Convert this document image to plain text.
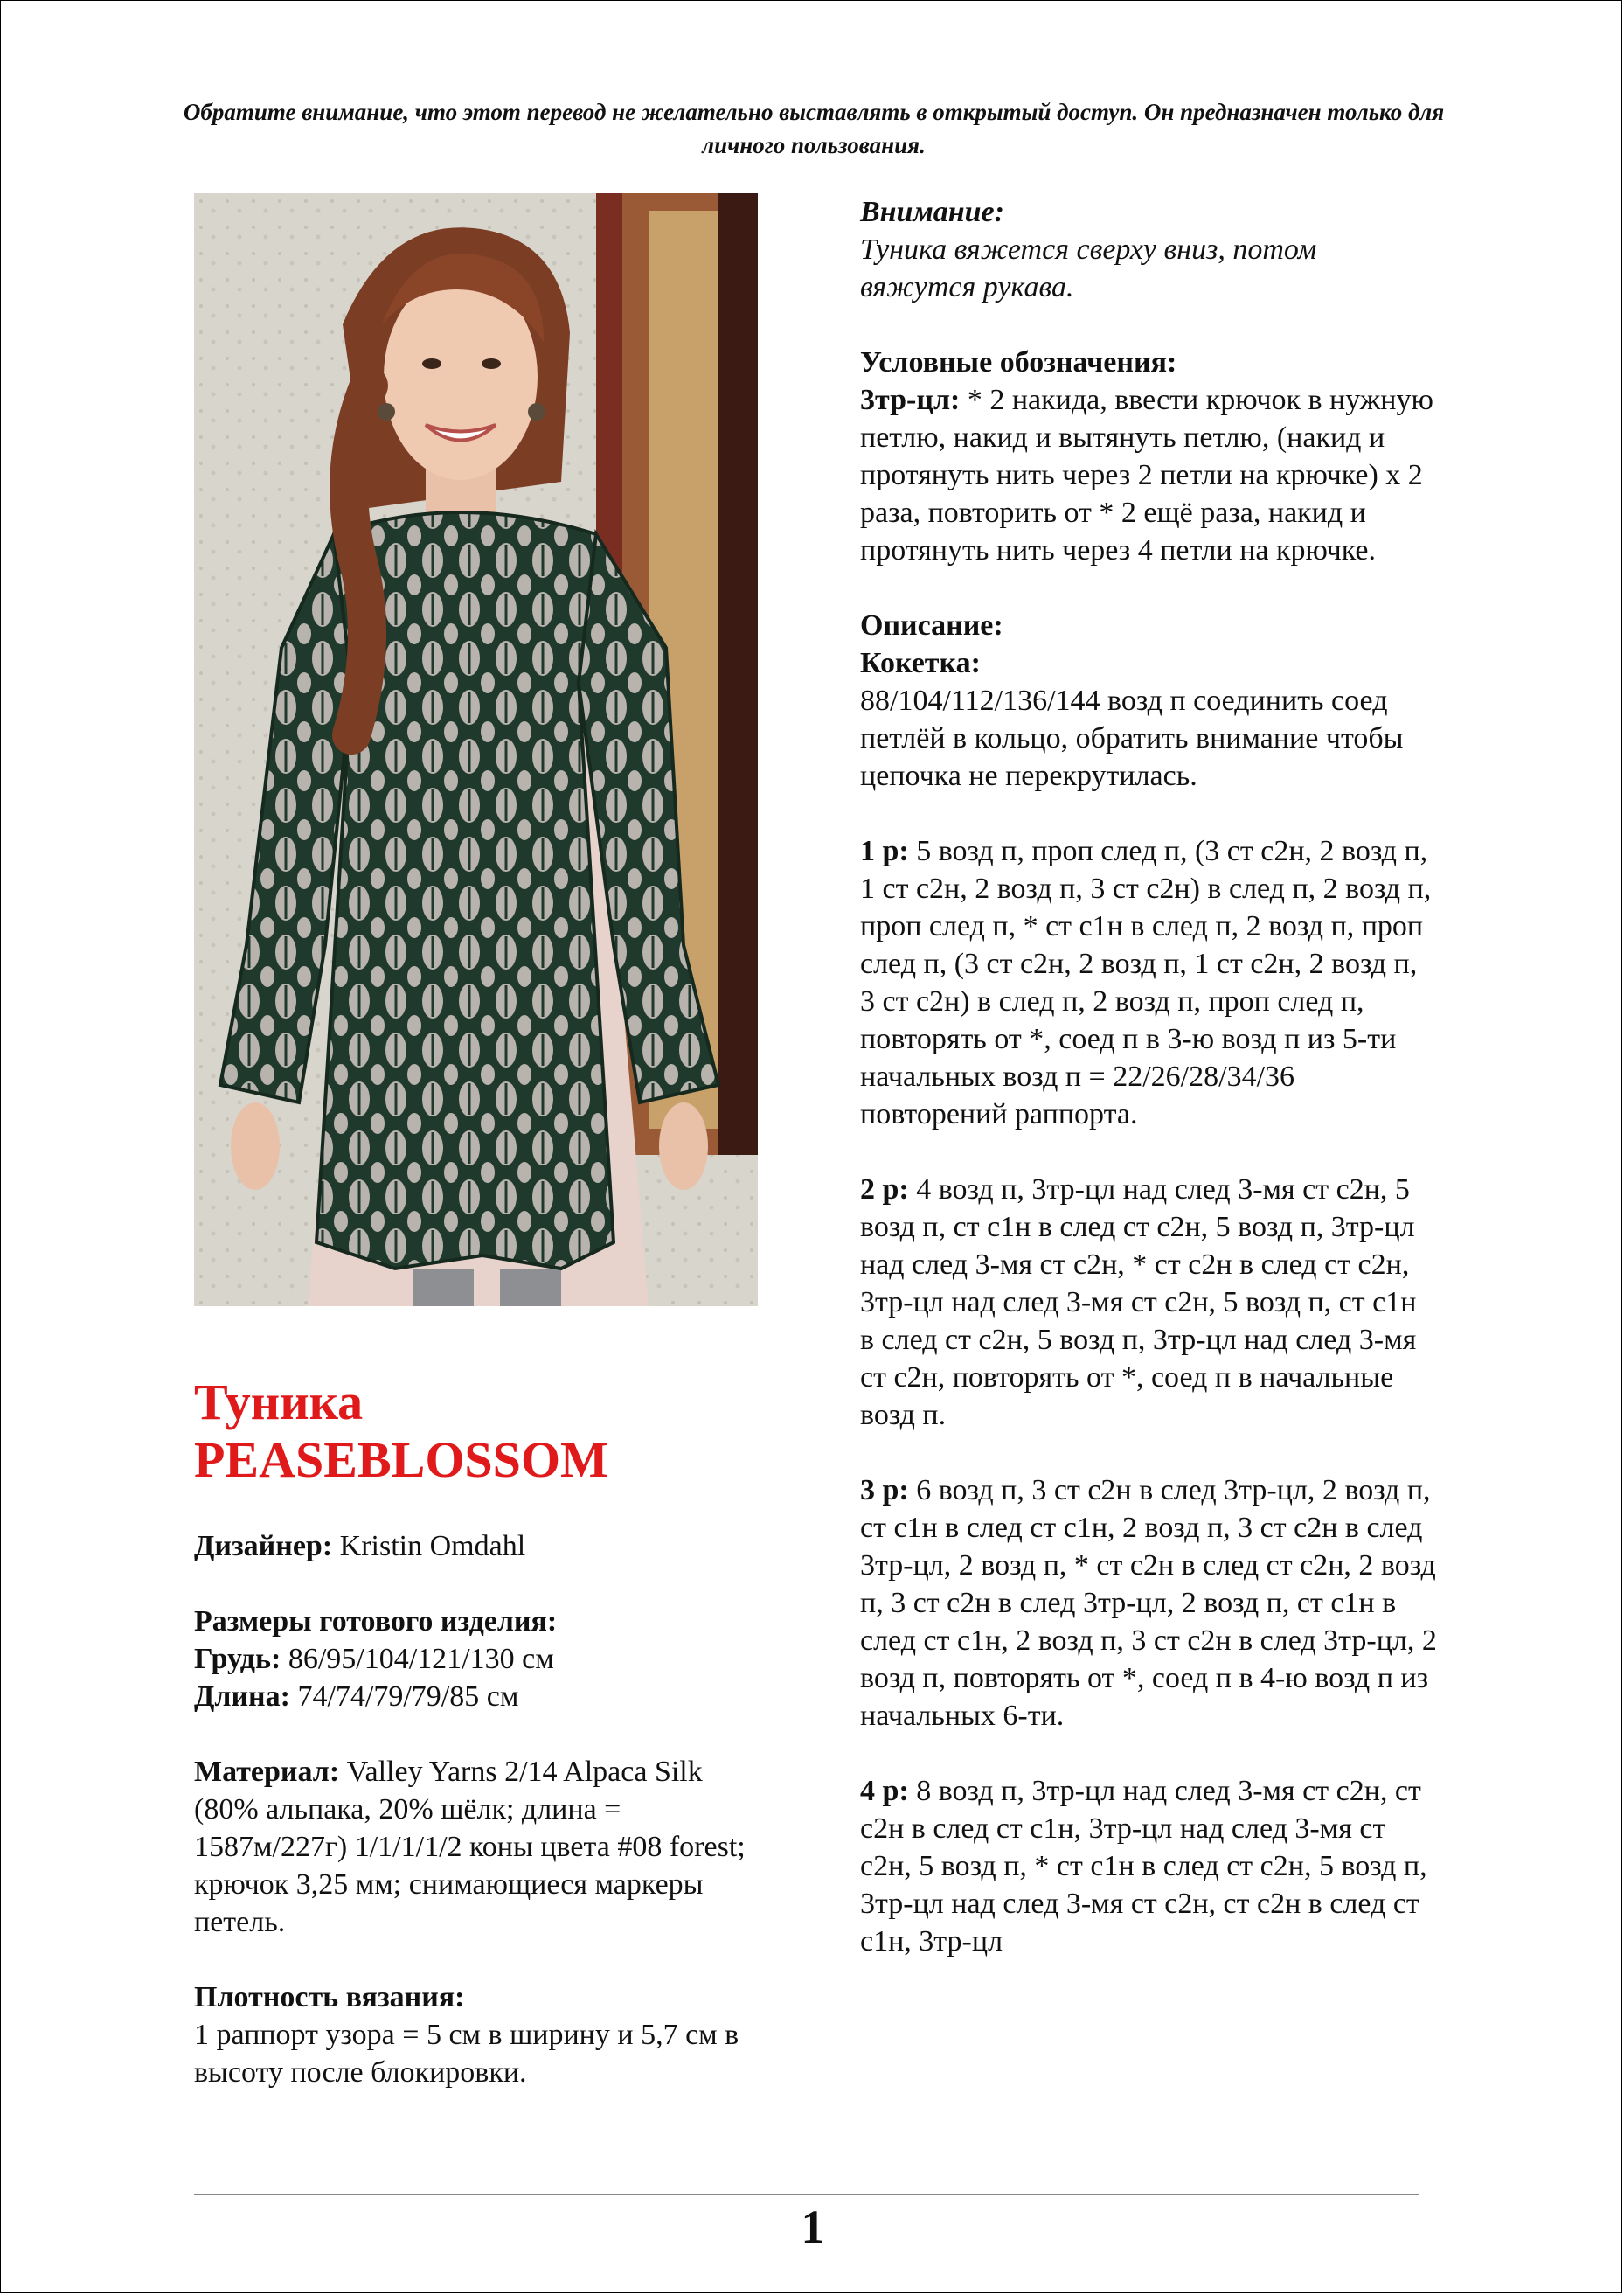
Обратите внимание, что этот перевод не желательно выставлять в открытый доступ. Он предназначен только для личного пользования.
Туника
PEASEBLOSSOM

Дизайнер: Kristin Omdahl

Размеры готового изделия:

Грудь: 86/95/104/121/130 см

Длина: 74/74/79/79/85 см

Материал: Valley Yarns 2/14 Alpaca Silk (80% альпака, 20% шёлк; длина = 1587м/227г) 1/1/1/1/2 коны цвета #08 forest; крючок 3,25 мм; снимающиеся маркеры петель.

Плотность вязания:

1 раппорт узора = 5 см в ширину и 5,7 см в высоту после блокировки.

Внимание:

Туника вяжется сверху вниз, потом вяжутся рукава.

Условные обозначения:

3тр-цл: * 2 накида, ввести крючок в нужную петлю, накид и вытянуть петлю, (накид и протянуть нить через 2 петли на крючке) х 2 раза, повторить от * 2 ещё раза, накид и протянуть нить через 4 петли на крючке.

Описание:

Кокетка:

88/104/112/136/144 возд п соединить соед петлёй в кольцо, обратить внимание чтобы цепочка не перекрутилась.

1 р: 5 возд п, проп след п, (3 ст с2н, 2 возд п, 1 ст с2н, 2 возд п, 3 ст с2н) в след п, 2 возд п, проп след п, * ст с1н в след п, 2 возд п, проп след п, (3 ст с2н, 2 возд п, 1 ст с2н, 2 возд п, 3 ст с2н) в след п, 2 возд п, проп след п, повторять от *, соед п в 3-ю возд п из 5-ти начальных возд п = 22/26/28/34/36 повторений раппорта.

2 р: 4 возд п, 3тр-цл над след 3-мя ст с2н, 5 возд п, ст с1н в след ст с2н, 5 возд п, 3тр-цл над след 3-мя ст с2н, * ст с2н в след ст с2н, 3тр-цл над след 3-мя ст с2н, 5 возд п, ст с1н в след ст с2н, 5 возд п, 3тр-цл над след 3-мя ст с2н, повторять от *, соед п в начальные возд п.

3 р: 6 возд п, 3 ст с2н в след 3тр-цл, 2 возд п, ст с1н в след ст с1н, 2 возд п, 3 ст с2н в след 3тр-цл, 2 возд п, * ст с2н в след ст с2н, 2 возд п, 3 ст с2н в след 3тр-цл, 2 возд п, ст с1н в след ст с1н, 2 возд п, 3 ст с2н в след 3тр-цл, 2 возд п, повторять от *, соед п в 4-ю возд п из начальных 6-ти.

4 р: 8 возд п, 3тр-цл над след 3-мя ст с2н, ст с2н в след ст с1н, 3тр-цл над след 3-мя ст с2н, 5 возд п, * ст с1н в след ст с2н, 5 возд п, 3тр-цл над след 3-мя ст с2н, ст с2н в след ст с1н, 3тр-цл

1
